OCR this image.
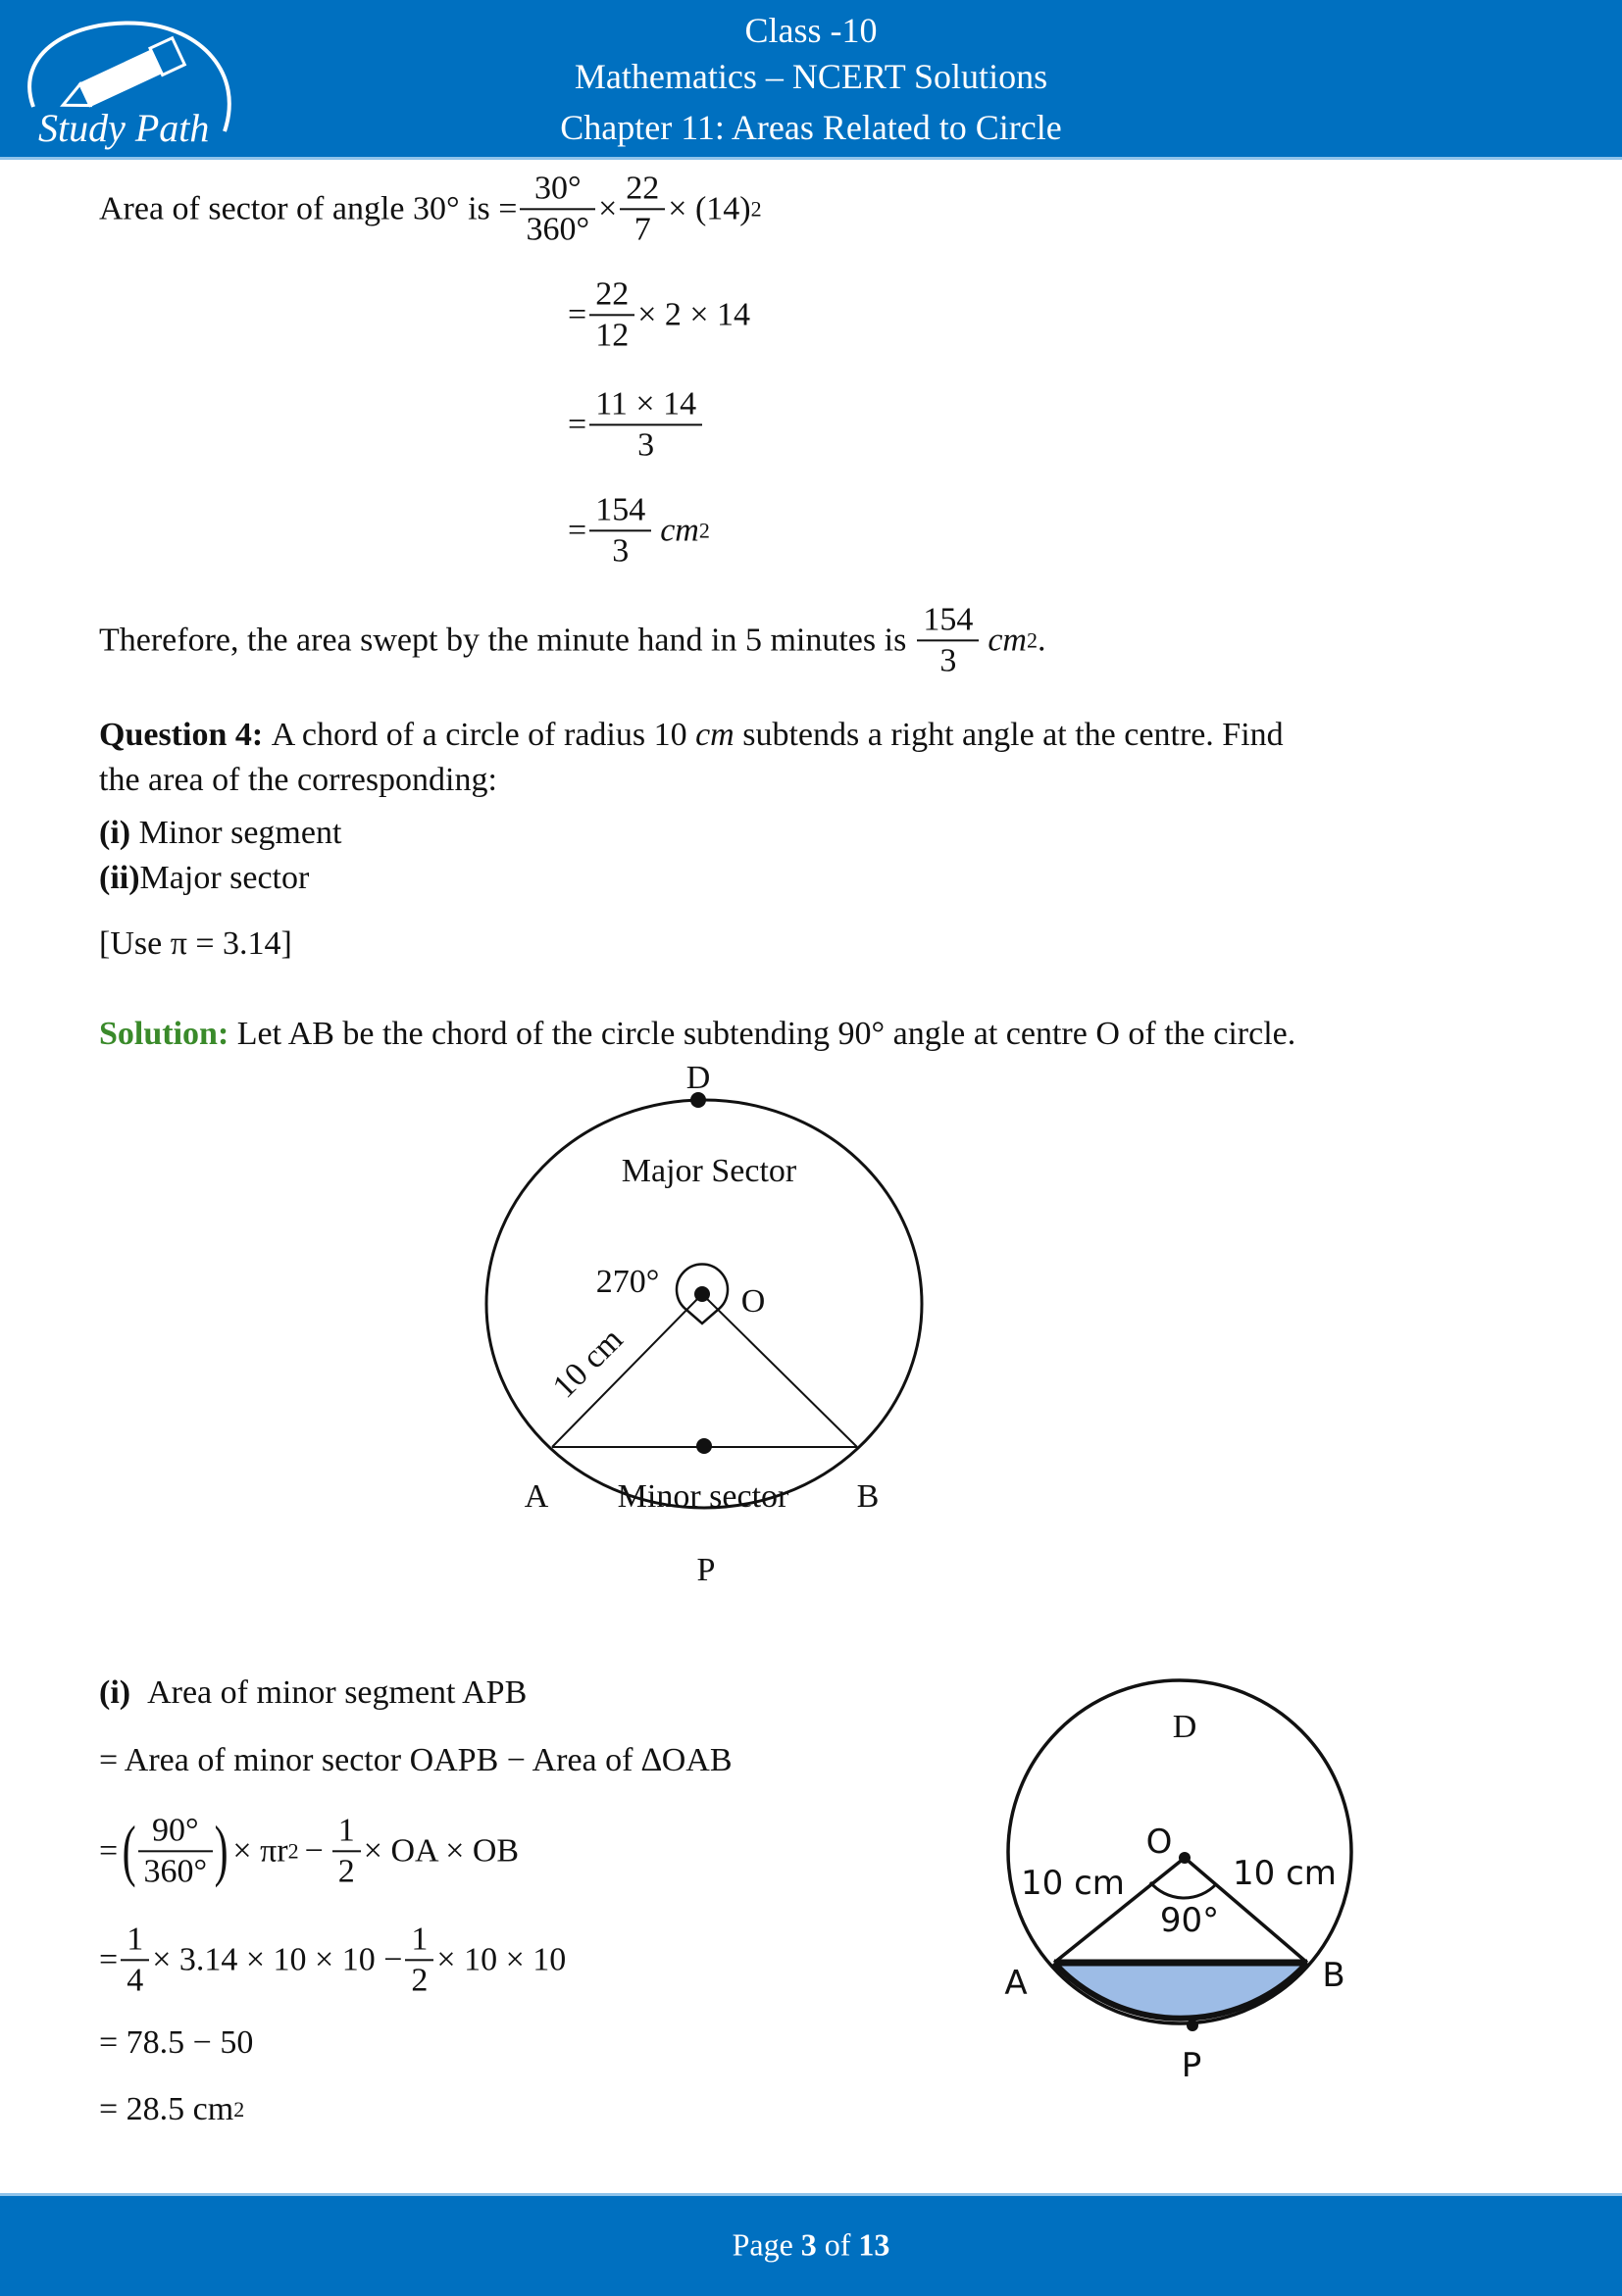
Study Path
Class -10
Mathematics – NCERT Solutions
Chapter 11: Areas Related to Circle
Area of sector of angle 30° is = $\frac{30^\circ}{360^\circ} \times \frac{22}{7} \times (14)$ 2
= $\frac{22}{12} \times 2 \times 14$
= $\frac{11 \times 14}{3}$
= $\frac{154}{3}$ cm 2
Therefore, the area swept by the minute hand in 5 minutes is $\frac{154}{3}$ cm 2 .
Question 4:
A chord of a circle of radius 10
cm
subtends a right angle at the centre. Find
the area of the corresponding:
(i)
Minor segment
(ii) Major sector
[Use π = 3.14]
Solution:
Let AB be the chord of the circle subtending 90° angle at centre O of the circle.
D
Major Sector
270°
O
10 cm
A Minor sector B
P
(i)
Area of minor segment APB
= Area of minor sector OAPB − Area of ∆OAB
= ( $\frac{90^\circ}{360^\circ}$ ) × πr $2 - \frac{1}{2}$ × OA × OB
= $\frac{1}{4} \times 3.14 \times 10 \times 10 - \frac{1}{2} \times 10 \times 10$
= 78.5 − 50
= 28.5 cm 2
D
O
10 cm	10 cm
90°
A	B
P
Page 3 of 13
